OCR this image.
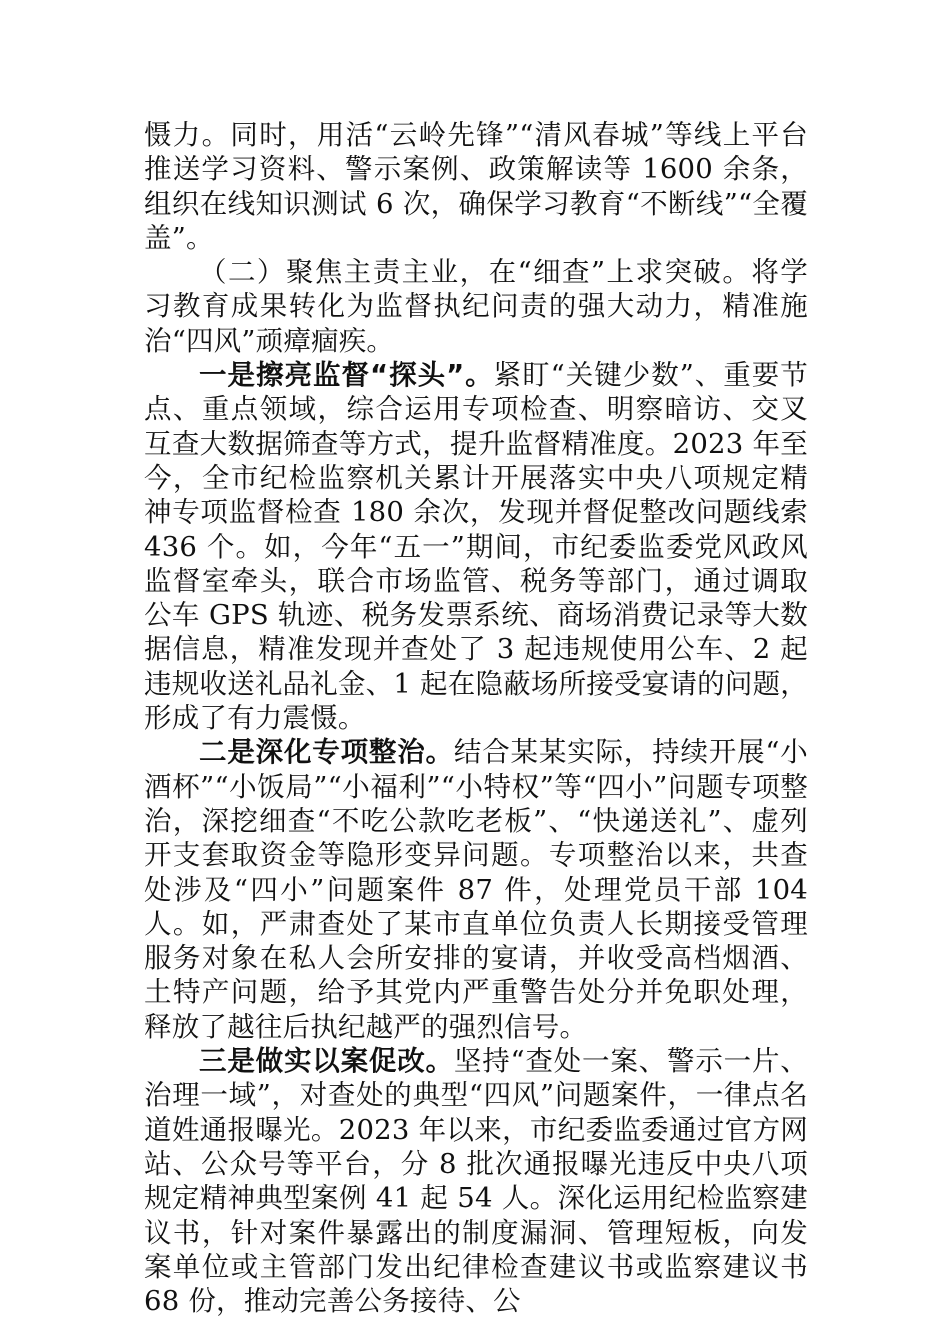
慑力。同时，用活“云岭先锋”“清风春城”等线上平台推送学习资料、警示案例、政策解读等 1600 余条，组织在线知识测试 6 次，确保学习教育“不断线”“全覆盖”。

（二）聚焦主责主业，在“细查”上求突破。将学习教育成果转化为监督执纪问责的强大动力，精准施治“四风”顽瘴痼疾。

一是擦亮监督“探头”。紧盯“关键少数”、重要节点、重点领域，综合运用专项检查、明察暗访、交叉互查大数据筛查等方式，提升监督精准度。2023 年至今，全市纪检监察机关累计开展落实中央八项规定精神专项监督检查 180 余次，发现并督促整改问题线索 436 个。如，今年“五一”期间，市纪委监委党风政风监督室牵头，联合市场监管、税务等部门，通过调取公车 GPS 轨迹、税务发票系统、商场消费记录等大数据信息，精准发现并查处了 3 起违规使用公车、2 起违规收送礼品礼金、1 起在隐蔽场所接受宴请的问题，形成了有力震慑。

二是深化专项整治。结合某某实际，持续开展“小酒杯”“小饭局”“小福利”“小特权”等“四小”问题专项整治，深挖细查“不吃公款吃老板”、“快递送礼”、虚列开支套取资金等隐形变异问题。专项整治以来，共查处涉及“四小”问题案件 87 件，处理党员干部 104 人。如，严肃查处了某市直单位负责人长期接受管理服务对象在私人会所安排的宴请，并收受高档烟酒、土特产问题，给予其党内严重警告处分并免职处理，释放了越往后执纪越严的强烈信号。

三是做实以案促改。坚持“查处一案、警示一片、治理一域”，对查处的典型“四风”问题案件，一律点名道姓通报曝光。2023 年以来，市纪委监委通过官方网站、公众号等平台，分 8 批次通报曝光违反中央八项规定精神典型案例 41 起 54 人。深化运用纪检监察建议书，针对案件暴露出的制度漏洞、管理短板，向发案单位或主管部门发出纪律检查建议书或监察建议书 68 份，推动完善公务接待、公
